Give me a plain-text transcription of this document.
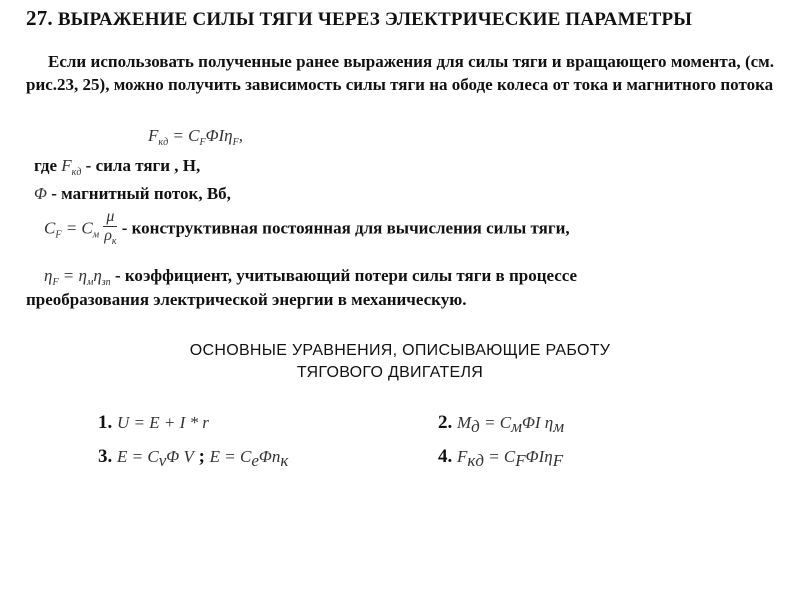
27. ВЫРАЖЕНИЕ СИЛЫ ТЯГИ ЧЕРЕЗ ЭЛЕКТРИЧЕСКИЕ ПАРАМЕТРЫ
Если использовать полученные ранее выражения для силы тяги и вращающего момента, (см. рис.23, 25), можно получить зависимость силы тяги на ободе колеса от тока и магнитного потока
$F_{кд} = C_F\Phi I\eta_F$,
где $F_{кд}$ - сила тяги , Н,
Φ - магнитный поток, Вб,
$C_F = C_м \frac{\mu}{\rho_к}$ - конструктивная постоянная для вычисления силы тяги,
$\eta_F = \eta_м\eta_{зп}$ - коэффициент, учитывающий потери силы тяги в процессе
преобразования электрической энергии в механическую.
ОСНОВНЫЕ УРАВНЕНИЯ, ОПИСЫВАЮЩИЕ РАБОТУ
ТЯГОВОГО ДВИГАТЕЛЯ
1. U = E + I * r	2. Mд = CмΦI ηм
3. E = CvΦ V ; E = CeΦnк	4. Fкд = CFΦIηF
